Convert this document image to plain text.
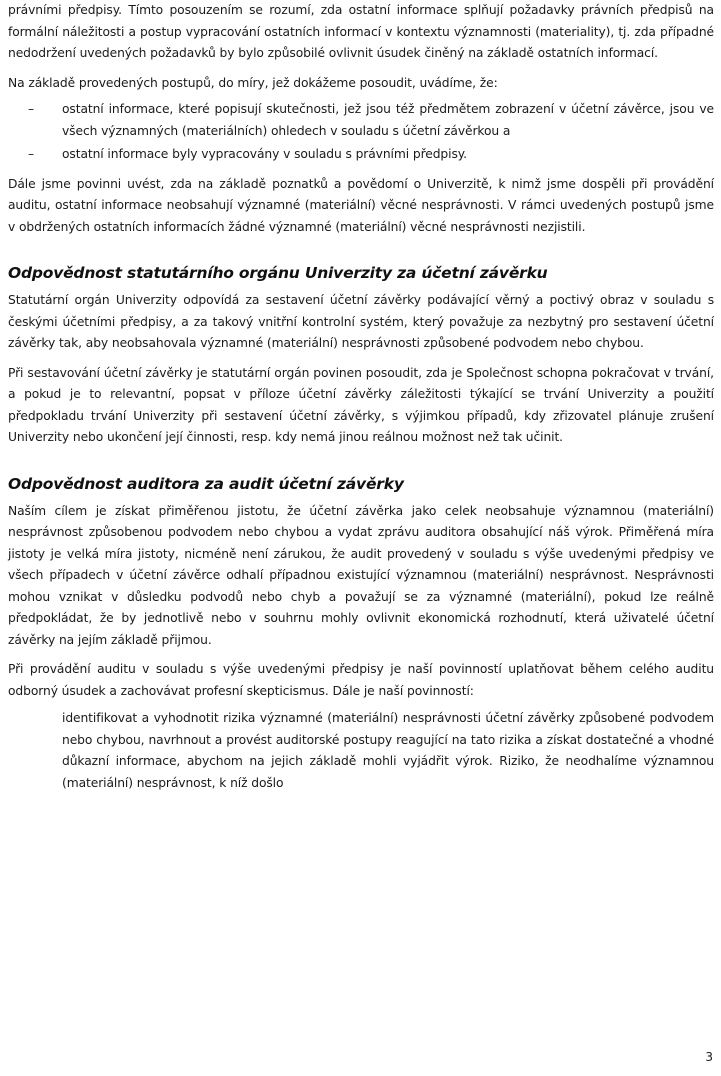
právními předpisy. Tímto posouzením se rozumí, zda ostatní informace splňují požadavky právních předpisů na formální náležitosti a postup vypracování ostatních informací v kontextu významnosti (materiality), tj. zda případné nedodržení uvedených požadavků by bylo způsobilé ovlivnit úsudek činěný na základě ostatních informací.

Na základě provedených postupů, do míry, jež dokážeme posoudit, uvádíme, že:

– ostatní informace, které popisují skutečnosti, jež jsou též předmětem zobrazení v účetní závěrce, jsou ve všech významných (materiálních) ohledech v souladu s účetní závěrkou a
– ostatní informace byly vypracovány v souladu s právními předpisy.

Dále jsme povinni uvést, zda na základě poznatků a povědomí o Univerzitě, k nimž jsme dospěli při provádění auditu, ostatní informace neobsahují významné (materiální) věcné nesprávnosti. V rámci uvedených postupů jsme v obdržených ostatních informacích žádné významné (materiální) věcné nesprávnosti nezjistili.

Odpovědnost statutárního orgánu Univerzity za účetní závěrku

Statutární orgán Univerzity odpovídá za sestavení účetní závěrky podávající věrný a poctivý obraz v souladu s českými účetními předpisy, a za takový vnitřní kontrolní systém, který považuje za nezbytný pro sestavení účetní závěrky tak, aby neobsahovala významné (materiální) nesprávnosti způsobené podvodem nebo chybou.

Při sestavování účetní závěrky je statutární orgán povinen posoudit, zda je Společnost schopna pokračovat v trvání, a pokud je to relevantní, popsat v příloze účetní závěrky záležitosti týkající se trvání Univerzity a použití předpokladu trvání Univerzity při sestavení účetní závěrky, s výjimkou případů, kdy zřizovatel plánuje zrušení Univerzity nebo ukončení její činnosti, resp. kdy nemá jinou reálnou možnost než tak učinit.

Odpovědnost auditora za audit účetní závěrky

Naším cílem je získat přiměřenou jistotu, že účetní závěrka jako celek neobsahuje významnou (materiální) nesprávnost způsobenou podvodem nebo chybou a vydat zprávu auditora obsahující náš výrok. Přiměřená míra jistoty je velká míra jistoty, nicméně není zárukou, že audit provedený v souladu s výše uvedenými předpisy ve všech případech v účetní závěrce odhalí případnou existující významnou (materiální) nesprávnost. Nesprávnosti mohou vznikat v důsledku podvodů nebo chyb a považují se za významné (materiální), pokud lze reálně předpokládat, že by jednotlivě nebo v souhrnu mohly ovlivnit ekonomická rozhodnutí, která uživatelé účetní závěrky na jejím základě přijmou.

Při provádění auditu v souladu s výše uvedenými předpisy je naší povinností uplatňovat během celého auditu odborný úsudek a zachovávat profesní skepticismus. Dále je naší povinností:

identifikovat a vyhodnotit rizika významné (materiální) nesprávnosti účetní závěrky způsobené podvodem nebo chybou, navrhnout a provést auditorské postupy reagující na tato rizika a získat dostatečné a vhodné důkazní informace, abychom na jejich základě mohli vyjádřit výrok. Riziko, že neodhalíme významnou (materiální) nesprávnost, k níž došlo
3
